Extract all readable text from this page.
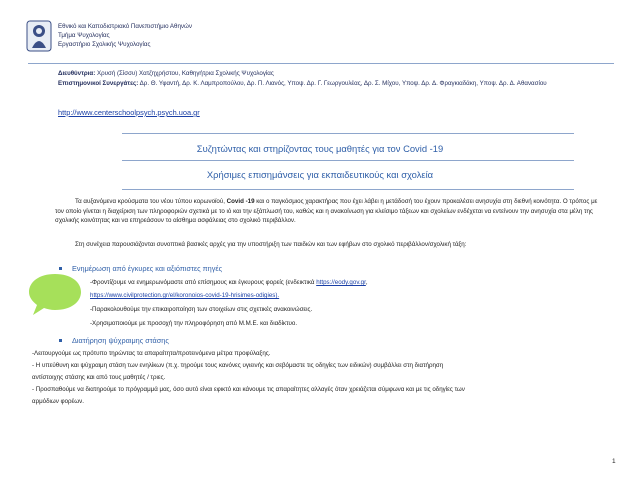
Εθνικό και Καποδιστριακό Πανεπιστήμιο Αθηνών
Τμήμα Ψυχολογίας
Εργαστήριο Σχολικής Ψυχολογίας
Διευθύντρια: Χρυσή (Σίσσυ) Χατζηχρήστου, Καθηγήτρια Σχολικής Ψυχολογίας
Επιστημονικοί Συνεργάτες: Δρ. Θ. Υφαντή, Δρ. Κ. Λαμπροπούλου, Δρ. Π. Λιανός, Υποψ. Δρ. Γ. Γεωργουλέας, Δρ. Σ. Μίχου, Υποψ. Δρ. Δ. Φραγκιαδάκη, Υποψ. Δρ. Δ. Αθανασίου
http://www.centerschoolpsych.psych.uoa.gr
Συζητώντας και στηρίζοντας τους μαθητές για τον Covid -19
Χρήσιμες επισημάνσεις για εκπαιδευτικούς και σχολεία
Τα αυξανόμενα κρούσματα του νέου τύπου κορωνοϊού, Covid -19 και ο παγκόσμιος χαρακτήρας που έχει λάβει η μετάδοσή του έχουν προκαλέσει ανησυχία στη διεθνή κοινότητα. Ο τρόπος με τον οποίο γίνεται η διαχείριση των πληροφοριών σχετικά με το ιό και την εξάπλωσή του, καθώς και η ανακοίνωση για κλείσιμο τάξεων και σχολείων ενδέχεται να εντείνουν την ανησυχία στα μέλη της σχολικής κοινότητας και να επηρεάσουν το αίσθημα ασφάλειας στο σχολικό περιβάλλον.
Στη συνέχεια παρουσιάζονται συνοπτικά βασικές αρχές για την υποστήριξη των παιδιών και των εφήβων στο σχολικό περιβάλλον/σχολική τάξη:
Ενημέρωση από έγκυρες και αξιόπιστες πηγές
-Φροντίζουμε να ενημερωνόμαστε από επίσημους και έγκυρους φορείς (ενδεικτικά https://eody.gov.gr,
https://www.civilprotection.gr/el/koronoios-covid-19-hrisimes-odigies).
-Παρακολουθούμε την επικαιροποίηση των στοιχείων στις σχετικές ανακοινώσεις.
-Χρησιμοποιούμε με προσοχή την πληροφόρηση από Μ.Μ.Ε. και διαδίκτυο.
Διατήρηση ψύχραιμης στάσης
-Λειτουργούμε ως πρότυπο τηρώντας τα απαραίτητα/προτεινόμενα μέτρα προφύλαξης.
- Η υπεύθυνη και ψύχραιμη στάση των ενηλίκων (π.χ. τηρούμε τους κανόνες υγιεινής και σεβόμαστε τις οδηγίες των ειδικών) συμβάλλει στη διατήρηση
αντίστοιχης στάσης και από τους μαθητές / τριες.
- Προσπαθούμε να διατηρούμε το πρόγραμμά μας, όσο αυτό είναι εφικτό και κάνουμε τις απαραίτητες αλλαγές όταν χρειάζεται σύμφωνα και με τις οδηγίες των
αρμόδιων φορέων.
1
